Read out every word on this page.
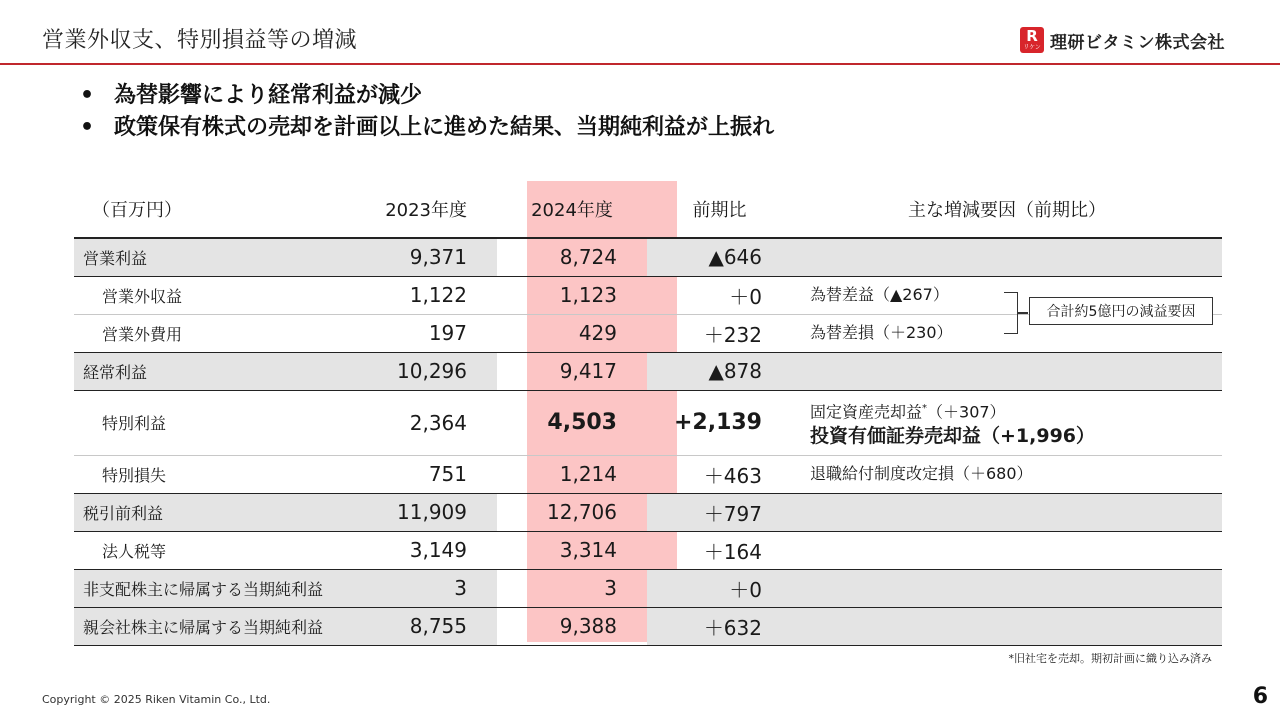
営業外収支、特別損益等の増減	R
リケン 理研ビタミン株式会社
• 為替影響により経常利益が減少
• 政策保有株式の売却を計画以上に進めた結果、当期純利益が上振れ
（百万円）	2023年度	2024年度	前期比	主な増減要因（前期比）
営業利益	9,371	8,724	▲646	
営業外収益	1,122	1,123	＋0	為替差益（▲267）
営業外費用	197	429	＋232	為替差損（＋230）
経常利益	10,296	9,417	▲878	
特別利益	2,364	4,503	+2,139	固定資産売却益*（＋307）
投資有価証券売却益（+1,996）

特別損失	751	1,214	＋463	退職給付制度改定損（＋680）
税引前利益	11,909	12,706	＋797	
法人税等	3,149	3,314	＋164	
非支配株主に帰属する当期純利益	3	3	＋0	
親会社株主に帰属する当期純利益	8,755	9,388	＋632	
合計約5億円の減益要因
*旧社宅を売却。期初計画に織り込み済み
Copyright © 2025 Riken Vitamin Co., Ltd.	6
